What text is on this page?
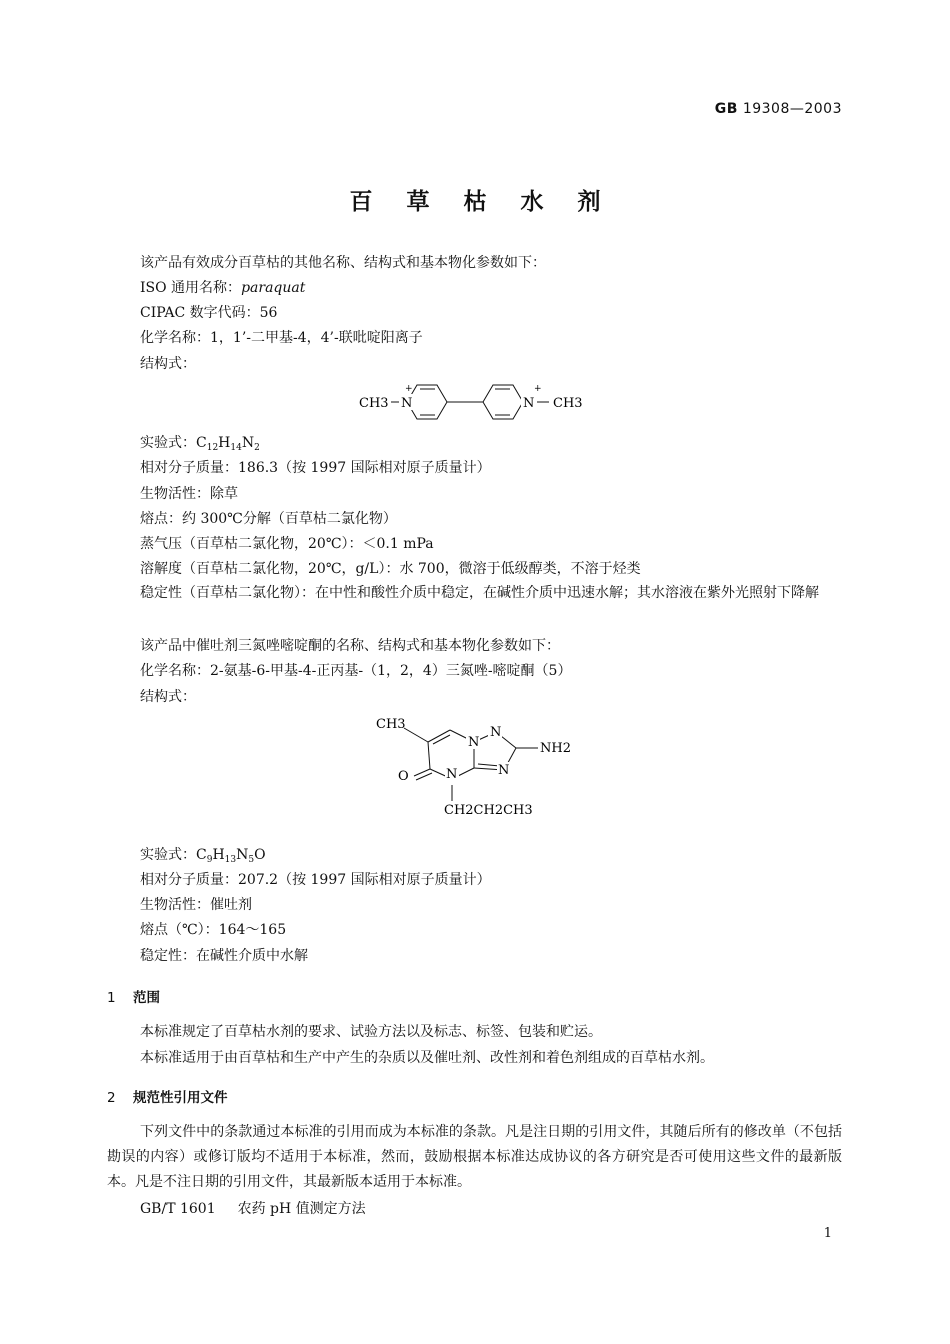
GB 19308—2003
百草枯水剂
该产品有效成分百草枯的其他名称、结构式和基本物化参数如下：
ISO 通用名称：paraquat
CIPAC 数字代码：56
化学名称：1，1’-二甲基-4，4’-联吡啶阳离子
结构式：
CH3 N
+
N
+
CH3
实验式：$C_{12}H_{14}N_2$
相对分子质量：186.3（按 1997 国际相对原子质量计）
生物活性：除草
熔点：约 300℃分解（百草枯二氯化物）
蒸气压（百草枯二氯化物，20℃）：＜0.1 mPa
溶解度（百草枯二氯化物，20℃，g/L）：水 700，微溶于低级醇类，不溶于烃类
稳定性（百草枯二氯化物）：在中性和酸性介质中稳定，在碱性介质中迅速水解；其水溶液在紫外光照射下降解
该产品中催吐剂三氮唑嘧啶酮的名称、结构式和基本物化参数如下：
化学名称：2-氨基-6-甲基-4-正丙基-（1，2，4）三氮唑-嘧啶酮（5）
结构式：
CH3
N
N
N
N
NH2
O
CH2CH2CH3
实验式：$C_9H_{13}N_5O$
相对分子质量：207.2（按 1997 国际相对原子质量计）
生物活性：催吐剂
熔点（℃）：164～165
稳定性：在碱性介质中水解
1 范围
本标准规定了百草枯水剂的要求、试验方法以及标志、标签、包装和贮运。
本标准适用于由百草枯和生产中产生的杂质以及催吐剂、改性剂和着色剂组成的百草枯水剂。
2 规范性引用文件
下列文件中的条款通过本标准的引用而成为本标准的条款。凡是注日期的引用文件，其随后所有的修改单（不包括勘误的内容）或修订版均不适用于本标准，然而，鼓励根据本标准达成协议的各方研究是否可使用这些文件的最新版本。凡是不注日期的引用文件，其最新版本适用于本标准。
GB/T 1601 农药 pH 值测定方法
1
